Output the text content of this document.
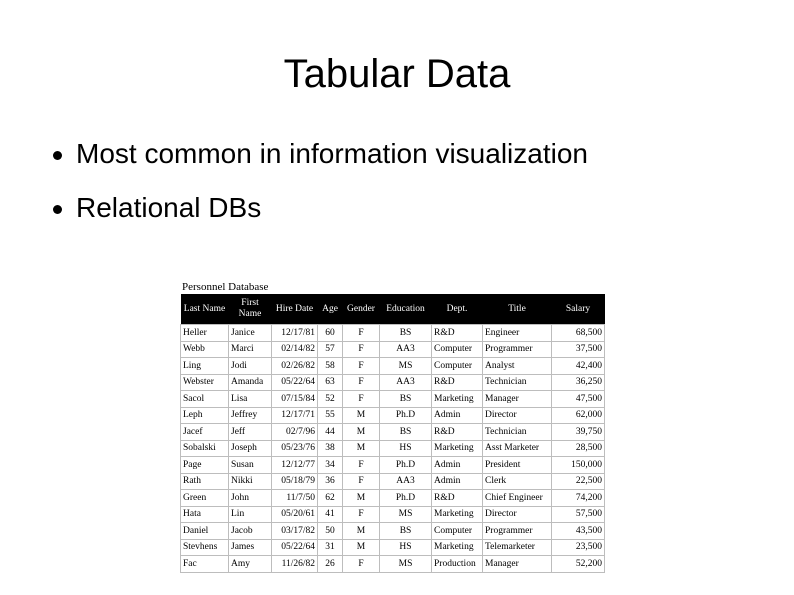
Tabular Data
Most common in information visualization
Relational DBs
Personnel Database
Last Name	First Name	Hire Date	Age	Gender	Education	Dept.	Title	Salary
Heller	Janice	12/17/81	60	F	BS	R&D	Engineer	68,500
Webb	Marci	02/14/82	57	F	AA3	Computer	Programmer	37,500
Ling	Jodi	02/26/82	58	F	MS	Computer	Analyst	42,400
Webster	Amanda	05/22/64	63	F	AA3	R&D	Technician	36,250
Sacol	Lisa	07/15/84	52	F	BS	Marketing	Manager	47,500
Leph	Jeffrey	12/17/71	55	M	Ph.D	Admin	Director	62,000
Jacef	Jeff	02/7/96	44	M	BS	R&D	Technician	39,750
Sobalski	Joseph	05/23/76	38	M	HS	Marketing	Asst Marketer	28,500
Page	Susan	12/12/77	34	F	Ph.D	Admin	President	150,000
Rath	Nikki	05/18/79	36	F	AA3	Admin	Clerk	22,500
Green	John	11/7/50	62	M	Ph.D	R&D	Chief Engineer	74,200
Hata	Lin	05/20/61	41	F	MS	Marketing	Director	57,500
Daniel	Jacob	03/17/82	50	M	BS	Computer	Programmer	43,500
Stevhens	James	05/22/64	31	M	HS	Marketing	Telemarketer	23,500
Fac	Amy	11/26/82	26	F	MS	Production	Manager	52,200
